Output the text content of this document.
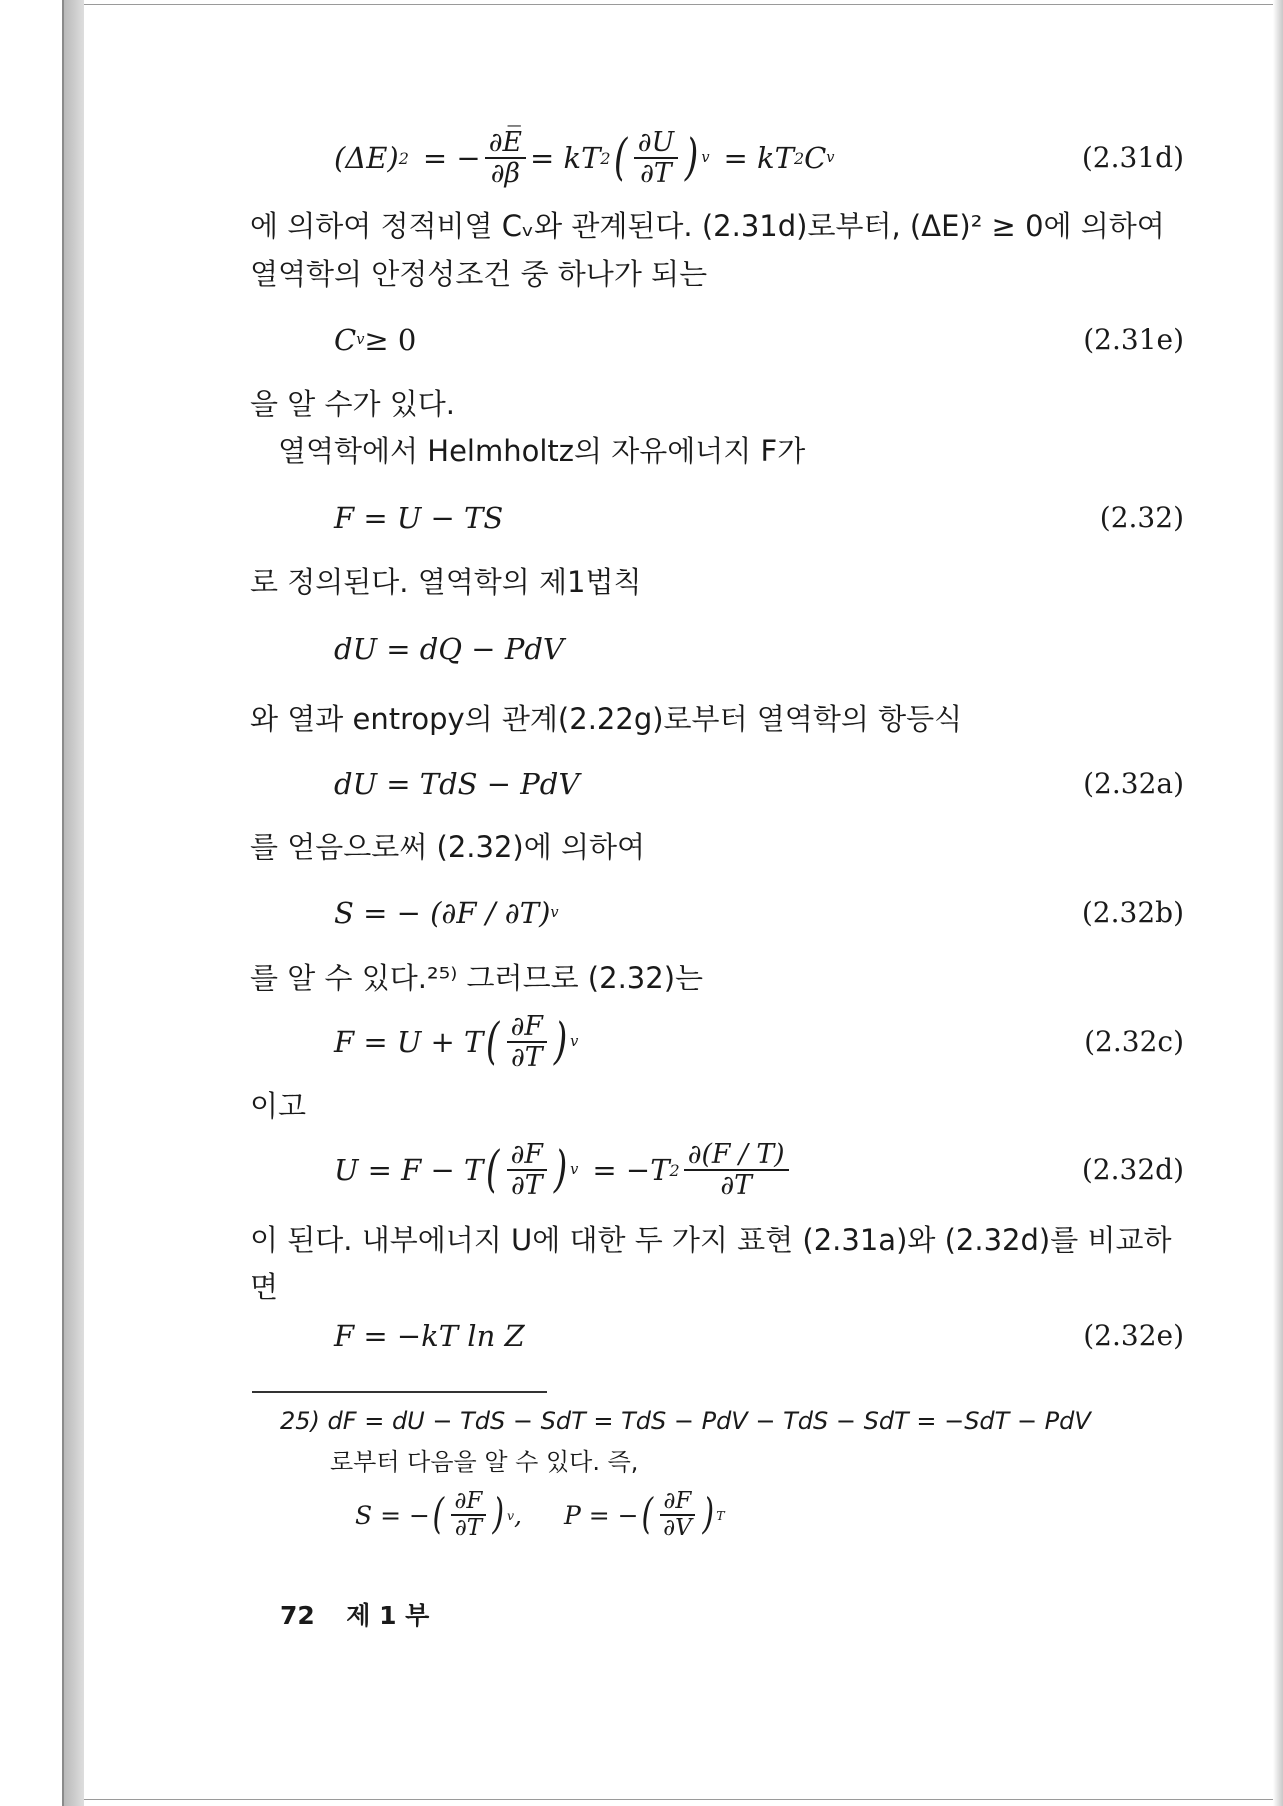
(ΔE) 2 = − $\frac{\partial E̅}{\partial\beta}$ = kT 2 ( $\frac{\partial U}{\partial T}$ ) v = kT 2 C v	(2.31d)
에 의하여 정적비열 Cᵥ와 관계된다. (2.31d)로부터, (ΔE)² ≥ 0에 의하여
열역학의 안정성조건 중 하나가 되는
C v ≥ 0	(2.31e)
을 알 수가 있다.
열역학에서 Helmholtz의 자유에너지 F가
F = U − TS	(2.32)
로 정의된다. 열역학의 제1법칙
dU = dQ − PdV
와 열과 entropy의 관계(2.22g)로부터 열역학의 항등식
dU = TdS − PdV	(2.32a)
를 얻음으로써 (2.32)에 의하여
S = − (∂F / ∂T) v	(2.32b)
를 알 수 있다.²⁵⁾ 그러므로 (2.32)는
F = U + T ( $\frac{\partial F}{\partial T}$ ) v	(2.32c)
이고
U = F − T ( $\frac{\partial F}{\partial T}$ ) v = −T $2 \frac{\partial(F / T)}{\partial T}$	(2.32d)
이 된다. 내부에너지 U에 대한 두 가지 표현 (2.31a)와 (2.32d)를 비교하
면
F = −kT ln Z	(2.32e)
25) dF = dU − TdS − SdT = TdS − PdV − TdS − SdT = −SdT − PdV
로부터 다음을 알 수 있다. 즉,
S = − ( $\frac{\partial F}{\partial T}$ ) v , P = − ( $\frac{\partial F}{\partial V}$ ) T
72 제 1 부
